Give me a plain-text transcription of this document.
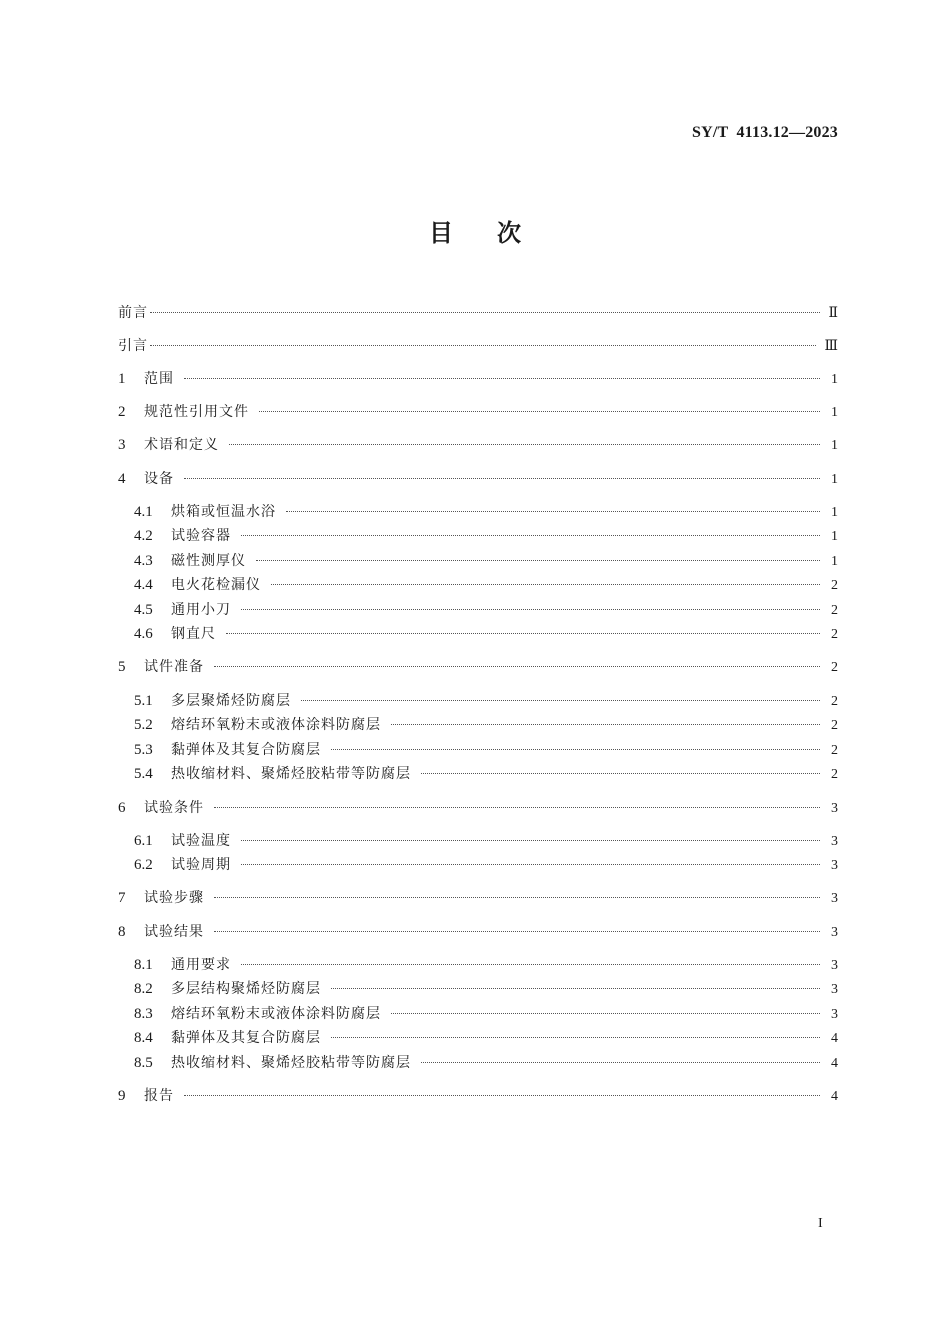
SY/T  4113.12—2023
目次
前言	Ⅱ
引言	Ⅲ
1	范围	1
2	规范性引用文件	1
3	术语和定义	1
4	设备	1
4.1	烘箱或恒温水浴	1
4.2	试验容器	1
4.3	磁性测厚仪	1
4.4	电火花检漏仪	2
4.5	通用小刀	2
4.6	钢直尺	2
5	试件准备	2
5.1	多层聚烯烃防腐层	2
5.2	熔结环氧粉末或液体涂料防腐层	2
5.3	黏弹体及其复合防腐层	2
5.4	热收缩材料、聚烯烃胶粘带等防腐层	2
6	试验条件	3
6.1	试验温度	3
6.2	试验周期	3
7	试验步骤	3
8	试验结果	3
8.1	通用要求	3
8.2	多层结构聚烯烃防腐层	3
8.3	熔结环氧粉末或液体涂料防腐层	3
8.4	黏弹体及其复合防腐层	4
8.5	热收缩材料、聚烯烃胶粘带等防腐层	4
9	报告	4
I
